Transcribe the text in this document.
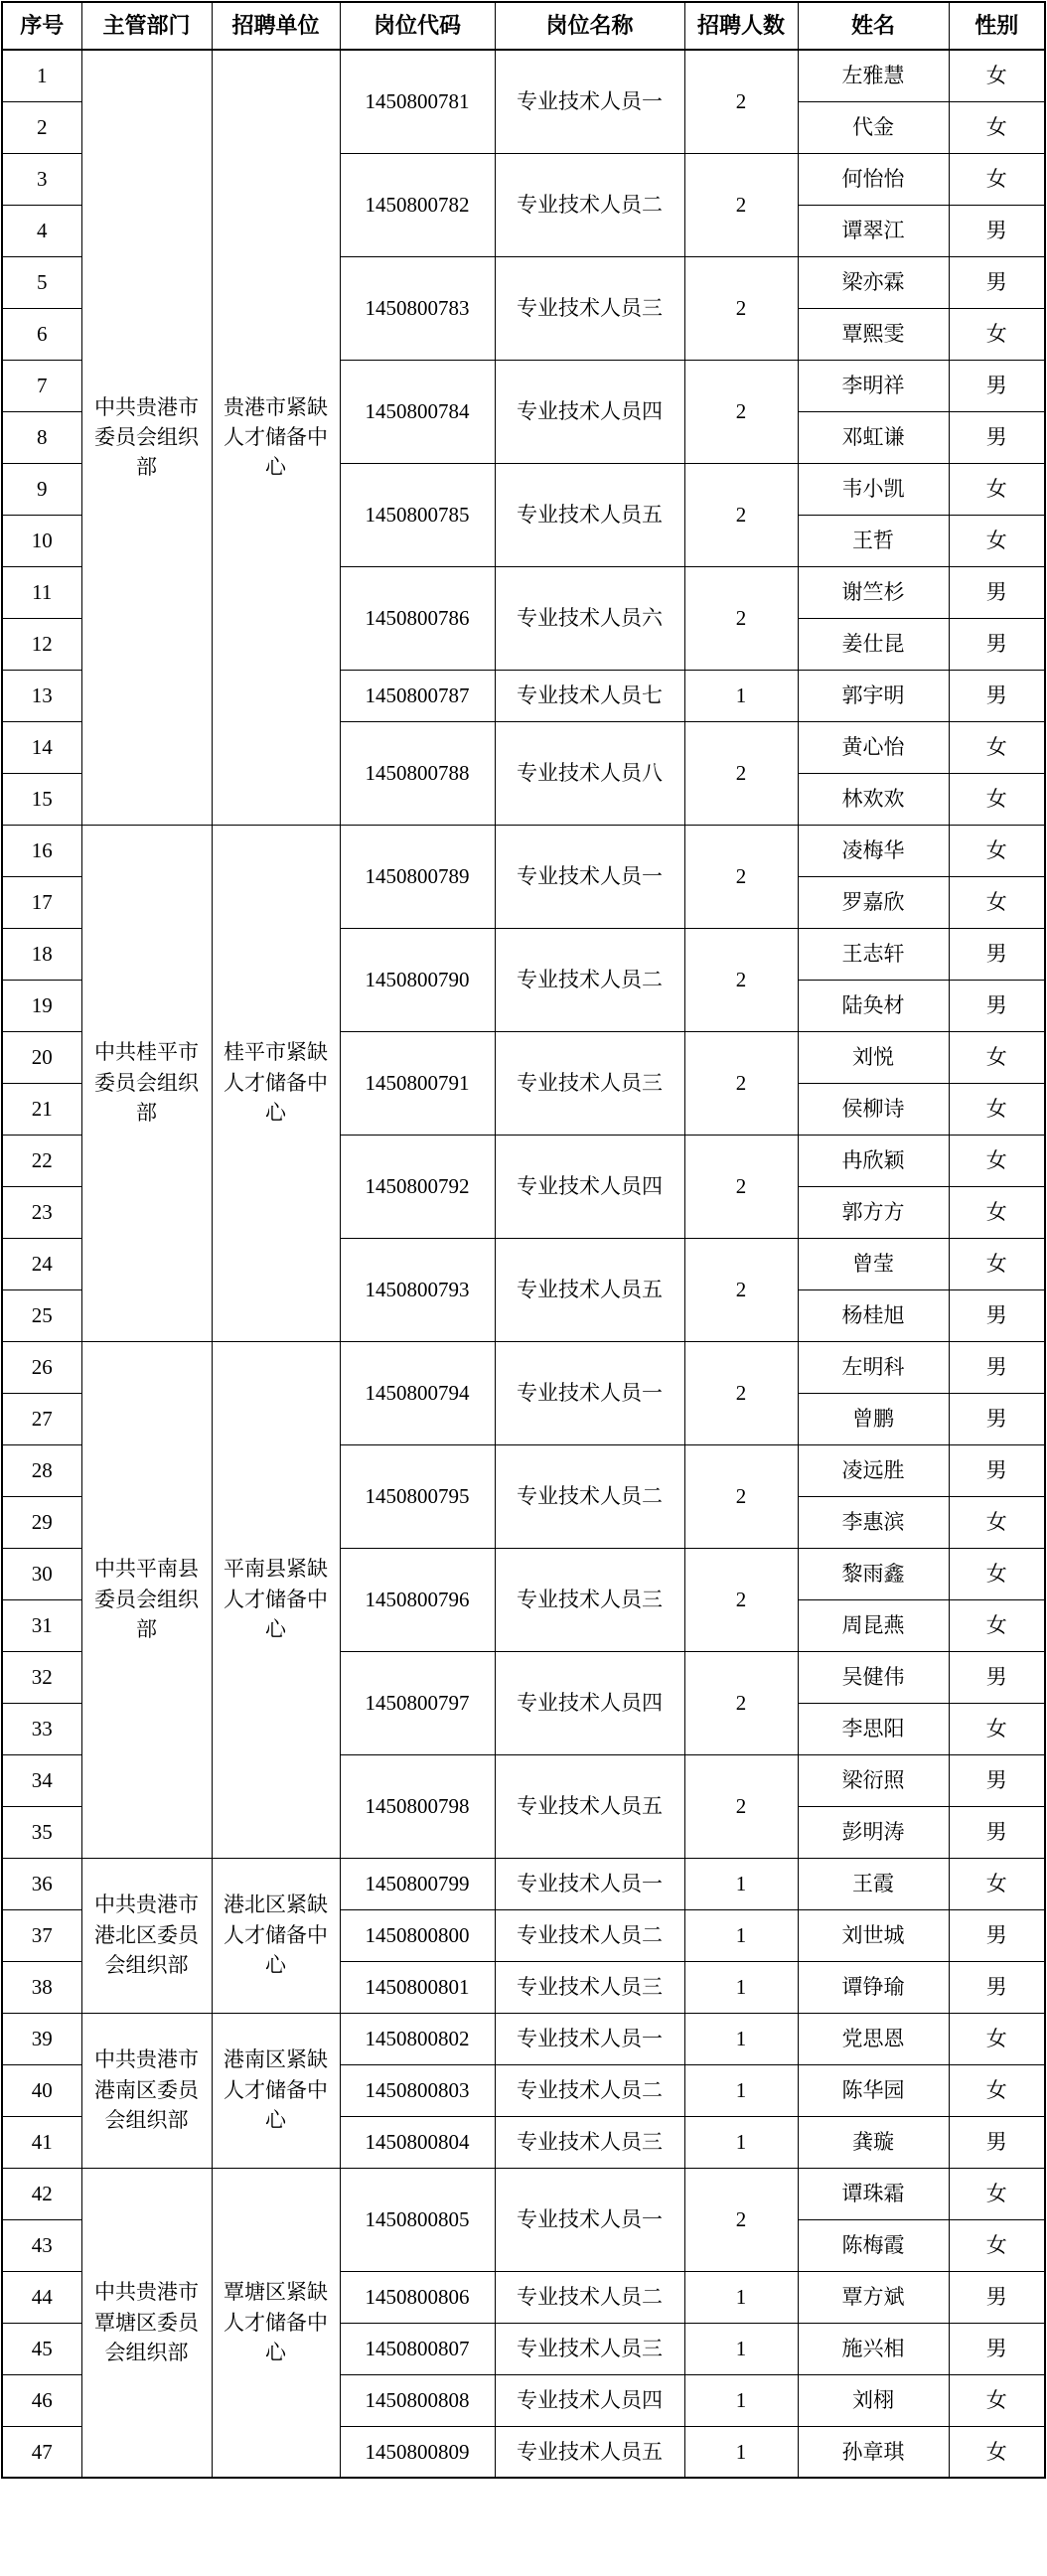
序号	主管部门	招聘单位	岗位代码	岗位名称	招聘人数	姓名	性别
1	中共贵港市委员会组织部	贵港市紧缺人才储备中心	1450800781	专业技术人员一	2	左雅慧	女
2						代金	女
3			1450800782	专业技术人员二	2	何怡怡	女
4						谭翠江	男
5			1450800783	专业技术人员三	2	梁亦霖	男
6						覃熙雯	女
7			1450800784	专业技术人员四	2	李明祥	男
8						邓虹谦	男
9			1450800785	专业技术人员五	2	韦小凯	女
10						王哲	女
11			1450800786	专业技术人员六	2	谢竺杉	男
12						姜仕昆	男
13			1450800787	专业技术人员七	1	郭宇明	男
14			1450800788	专业技术人员八	2	黄心怡	女
15						林欢欢	女
16	中共桂平市委员会组织部	桂平市紧缺人才储备中心	1450800789	专业技术人员一	2	凌梅华	女
17						罗嘉欣	女
18			1450800790	专业技术人员二	2	王志轩	男
19						陆奂材	男
20			1450800791	专业技术人员三	2	刘悦	女
21						侯柳诗	女
22			1450800792	专业技术人员四	2	冉欣颖	女
23						郭方方	女
24			1450800793	专业技术人员五	2	曾莹	女
25						杨桂旭	男
26	中共平南县委员会组织部	平南县紧缺人才储备中心	1450800794	专业技术人员一	2	左明科	男
27						曾鹏	男
28			1450800795	专业技术人员二	2	凌远胜	男
29						李惠滨	女
30			1450800796	专业技术人员三	2	黎雨鑫	女
31						周昆燕	女
32			1450800797	专业技术人员四	2	吴健伟	男
33						李思阳	女
34			1450800798	专业技术人员五	2	梁衍照	男
35						彭明涛	男
36	中共贵港市港北区委员会组织部	港北区紧缺人才储备中心	1450800799	专业技术人员一	1	王霞	女
37			1450800800	专业技术人员二	1	刘世城	男
38			1450800801	专业技术人员三	1	谭铮瑜	男
39	中共贵港市港南区委员会组织部	港南区紧缺人才储备中心	1450800802	专业技术人员一	1	党思恩	女
40			1450800803	专业技术人员二	1	陈华园	女
41			1450800804	专业技术人员三	1	龚璇	男
42	中共贵港市覃塘区委员会组织部	覃塘区紧缺人才储备中心	1450800805	专业技术人员一	2	谭珠霜	女
43						陈梅霞	女
44			1450800806	专业技术人员二	1	覃方斌	男
45			1450800807	专业技术人员三	1	施兴相	男
46			1450800808	专业技术人员四	1	刘栩	女
47			1450800809	专业技术人员五	1	孙章琪	女
